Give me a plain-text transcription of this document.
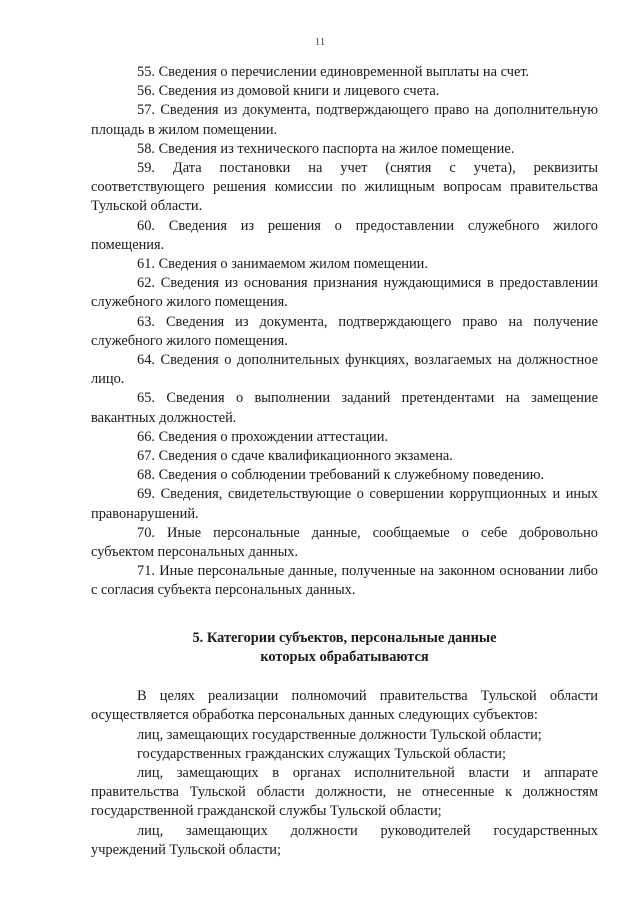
11

55. Сведения о перечислении единовременной выплаты на счет.

56. Сведения из домовой книги и лицевого счета.

57. Сведения из документа, подтверждающего право на дополнительную площадь в жилом помещении.

58. Сведения из технического паспорта на жилое помещение.

59. Дата постановки на учет (снятия с учета), реквизиты соответствующего решения комиссии по жилищным вопросам правительства Тульской области.

60. Сведения из решения о предоставлении служебного жилого помещения.

61. Сведения о занимаемом жилом помещении.

62. Сведения из основания признания нуждающимися в предоставлении служебного жилого помещения.

63. Сведения из документа, подтверждающего право на получение служебного жилого помещения.

64. Сведения о дополнительных функциях, возлагаемых на должностное лицо.

65. Сведения о выполнении заданий претендентами на замещение вакантных должностей.

66. Сведения о прохождении аттестации.

67. Сведения о сдаче квалификационного экзамена.

68. Сведения о соблюдении требований к служебному поведению.

69. Сведения, свидетельствующие о совершении коррупционных и иных правонарушений.

70. Иные персональные данные, сообщаемые о себе добровольно субъектом персональных данных.

71. Иные персональные данные, полученные на законном основании либо с согласия субъекта персональных данных.

5. Категории субъектов, персональные данные
которых обрабатываются

В целях реализации полномочий правительства Тульской области осуществляется обработка персональных данных следующих субъектов:

лиц, замещающих государственные должности Тульской области;

государственных гражданских служащих Тульской области;

лиц, замещающих в органах исполнительной власти и аппарате правительства Тульской области должности, не отнесенные к должностям государственной гражданской службы Тульской области;

лиц, замещающих должности руководителей государственных учреждений Тульской области;
